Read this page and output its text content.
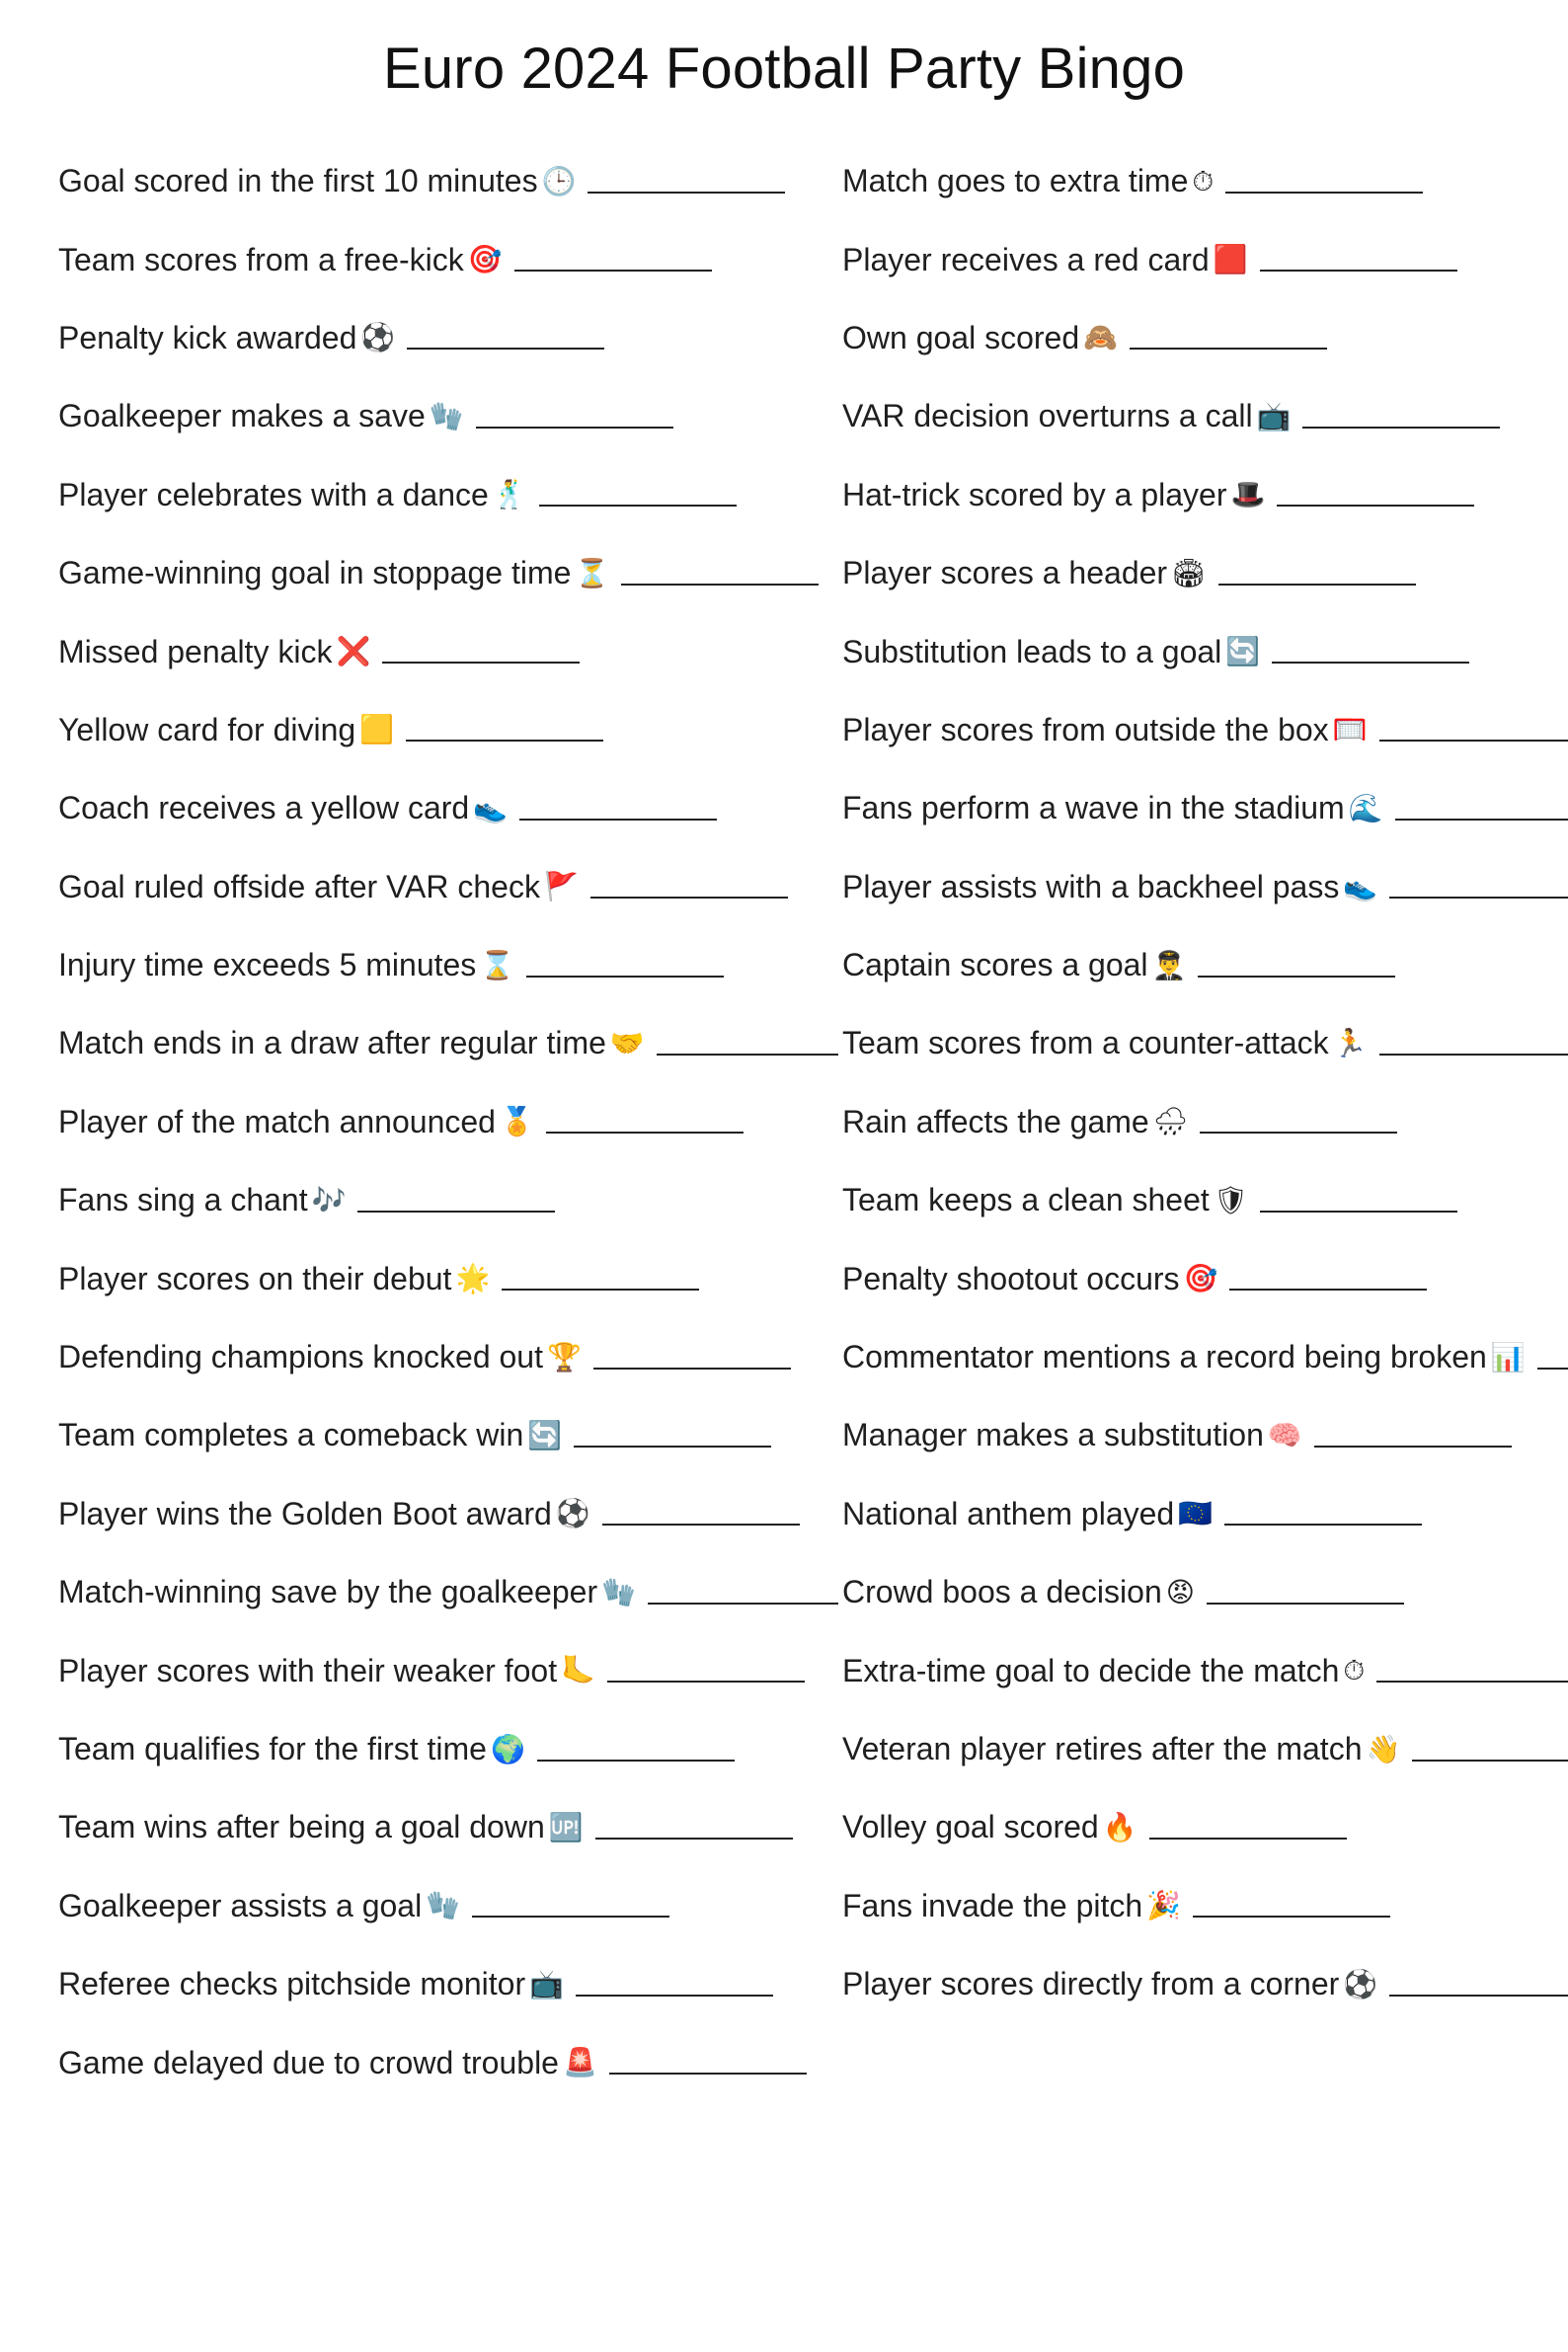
Euro 2024 Football Party Bingo
Goal scored in the first 10 minutes 🕒
Team scores from a free-kick 🎯
Penalty kick awarded ⚽
Goalkeeper makes a save 🧤
Player celebrates with a dance 🕺
Game-winning goal in stoppage time ⏳
Missed penalty kick ❌
Yellow card for diving 🟨
Coach receives a yellow card 👟
Goal ruled offside after VAR check 🚩
Injury time exceeds 5 minutes ⌛
Match ends in a draw after regular time 🤝
Player of the match announced 🏅
Fans sing a chant 🎶
Player scores on their debut 🌟
Defending champions knocked out 🏆
Team completes a comeback win 🔄
Player wins the Golden Boot award ⚽
Match-winning save by the goalkeeper 🧤
Player scores with their weaker foot 🦶
Team qualifies for the first time 🌍
Team wins after being a goal down 🆙
Goalkeeper assists a goal 🧤
Referee checks pitchside monitor 📺
Game delayed due to crowd trouble 🚨
Match goes to extra time ⏱
Player receives a red card 🟥
Own goal scored 🙈
VAR decision overturns a call 📺
Hat-trick scored by a player 🎩
Player scores a header 🏟
Substitution leads to a goal 🔄
Player scores from outside the box 🥅
Fans perform a wave in the stadium 🌊
Player assists with a backheel pass 👟
Captain scores a goal 👨‍✈️
Team scores from a counter-attack 🏃
Rain affects the game 🌧
Team keeps a clean sheet 🛡
Penalty shootout occurs 🎯
Commentator mentions a record being broken 📊
Manager makes a substitution 🧠
National anthem played 🇪🇺
Crowd boos a decision 😡
Extra-time goal to decide the match ⏱
Veteran player retires after the match 👋
Volley goal scored 🔥
Fans invade the pitch 🎉
Player scores directly from a corner ⚽
